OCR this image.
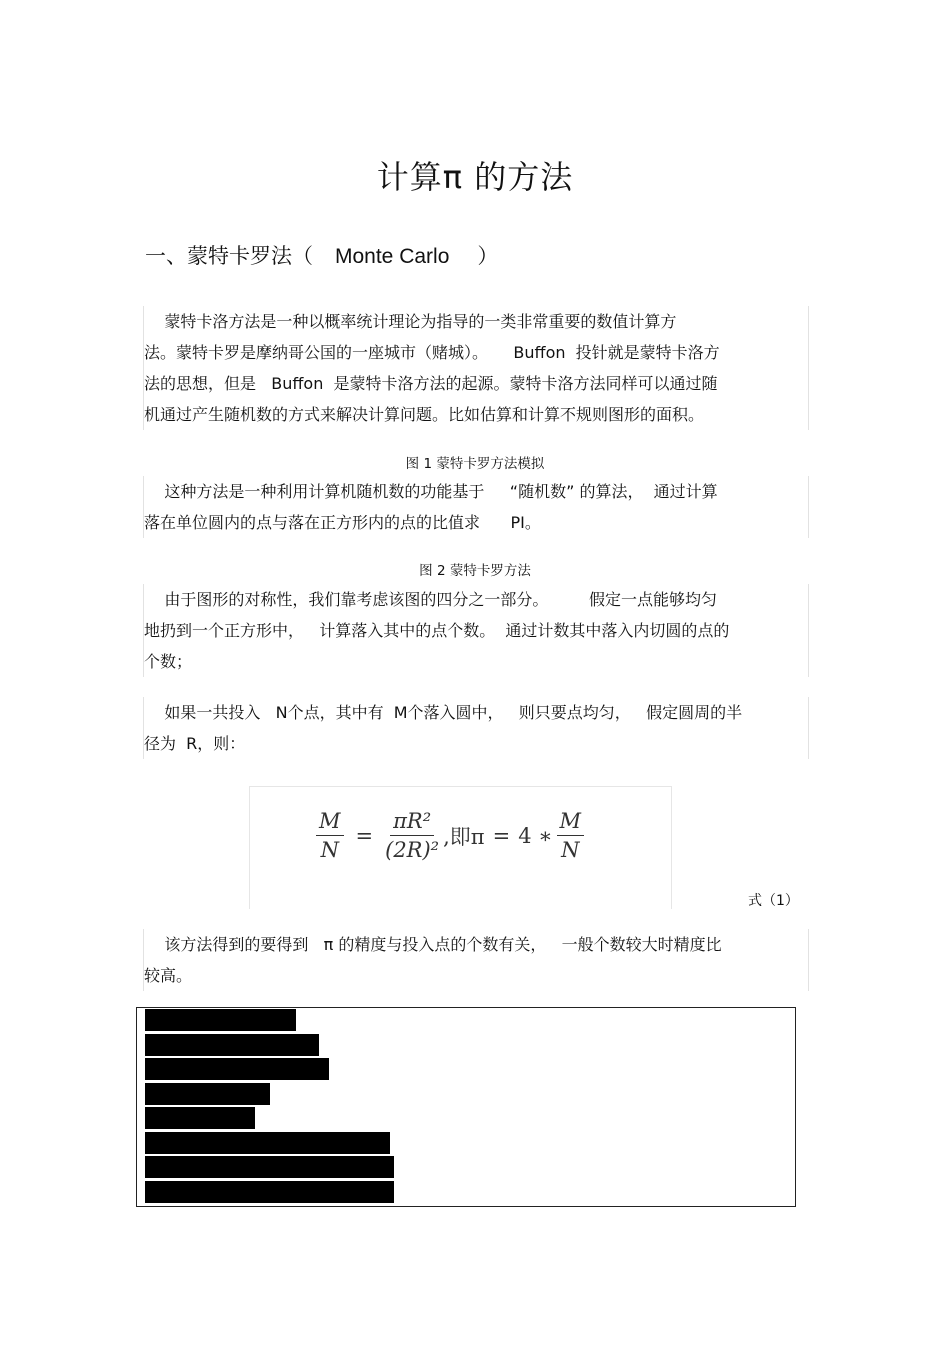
计算π 的方法
一、蒙特卡罗法（ Monte Carlo ）
蒙特卡洛方法是一种以概率统计理论为指导的一类非常重要的数值计算方
法。蒙特卡罗是摩纳哥公国的一座城市（赌城）。     Buffon  投针就是蒙特卡洛方
法的思想，但是   Buffon  是蒙特卡洛方法的起源。蒙特卡洛方法同样可以通过随
机通过产生随机数的方式来解决计算问题。比如估算和计算不规则图形的面积。
图 1 蒙特卡罗方法模拟
这种方法是一种利用计算机随机数的功能基于     “随机数” 的算法，  通过计算
落在单位圆内的点与落在正方形内的点的比值求      PI。
图 2 蒙特卡罗方法
由于图形的对称性，我们靠考虑该图的四分之一部分。        假定一点能够均匀
地扔到一个正方形中，   计算落入其中的点个数。  通过计数其中落入内切圆的点的
个数；
如果一共投入   N个点，其中有  M个落入圆中，   则只要点均匀，   假定圆周的半
径为  R，则：
$\frac{M}{N} = \frac{\text{πR²}}{\text{(2R)²}}$ ,即π = 4 ∗ $\frac{M}{N}$
式（1）
该方法得到的要得到   π 的精度与投入点的个数有关，   一般个数较大时精度比
较高。
